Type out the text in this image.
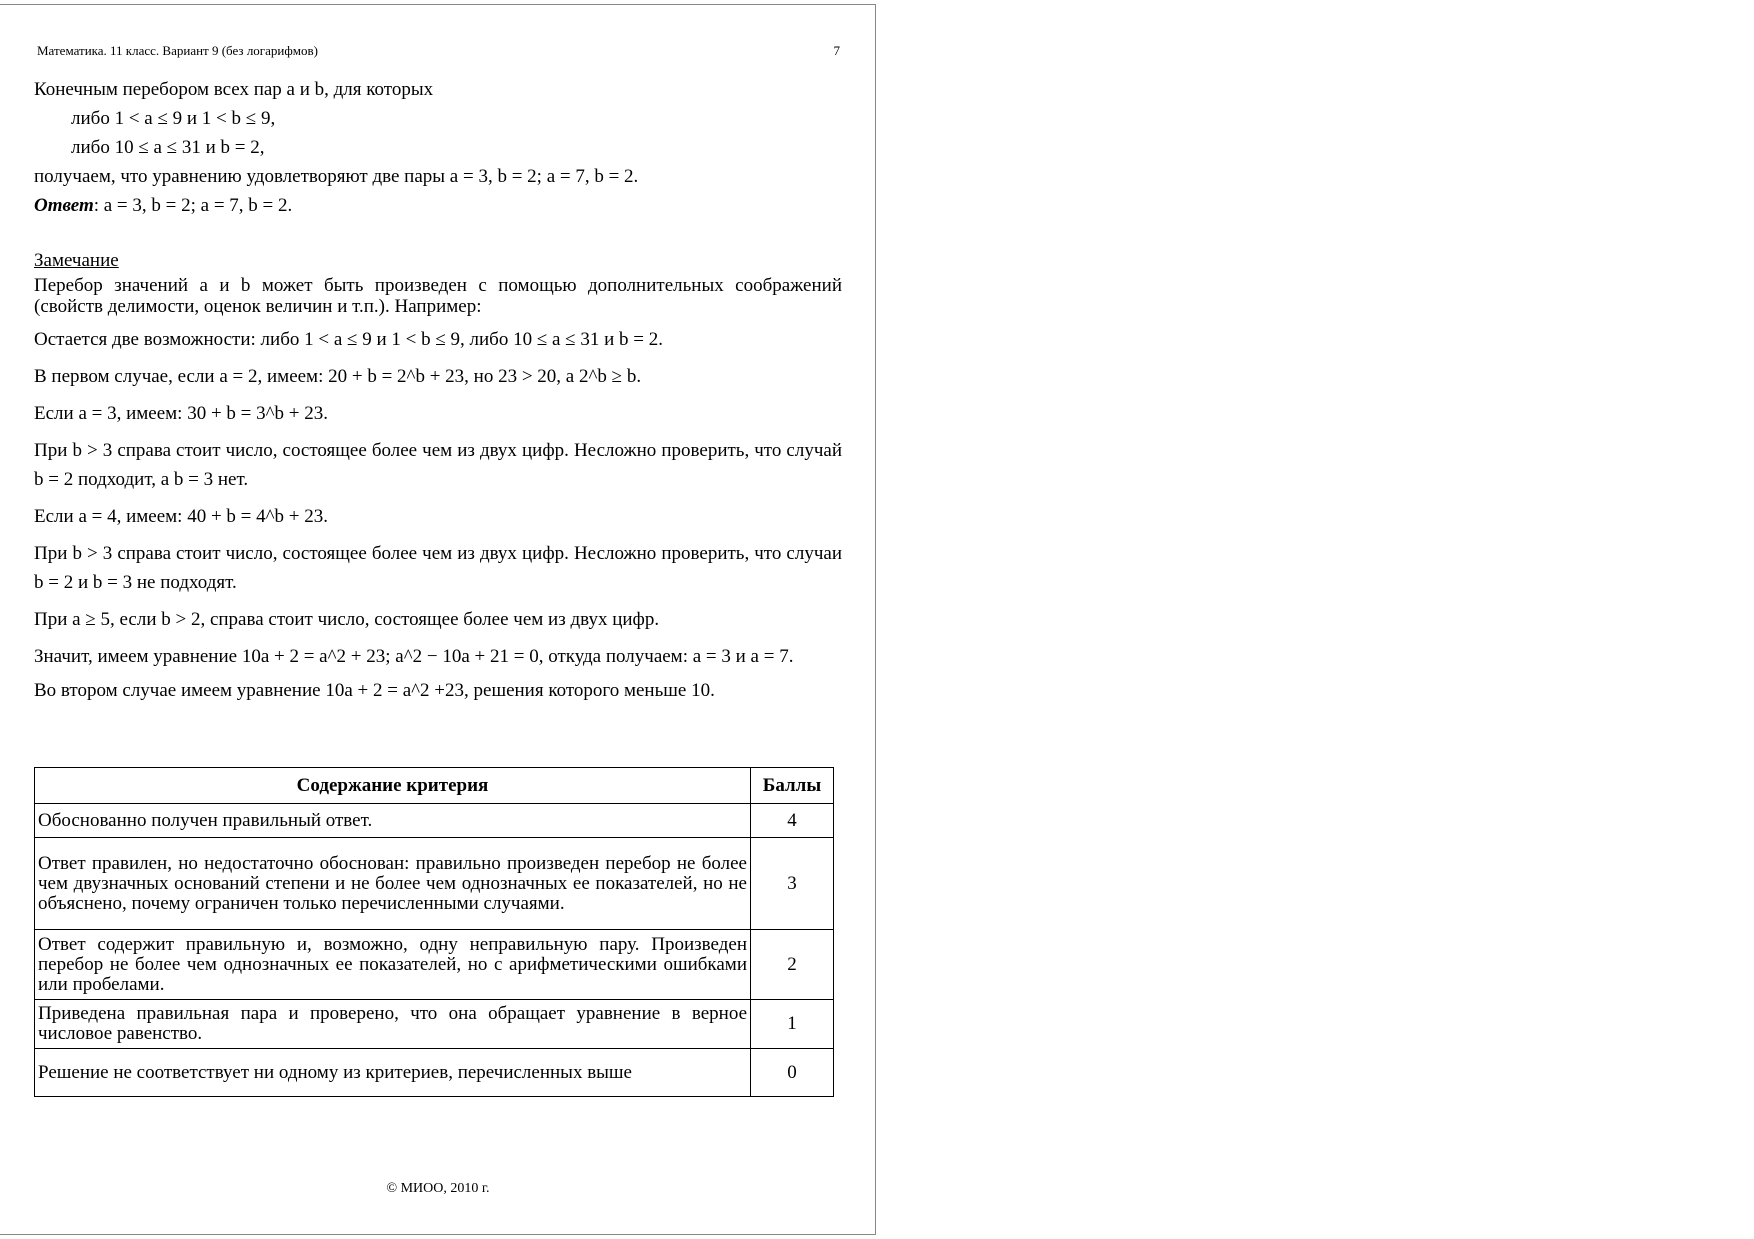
Математика. 11 класс. Вариант 9 (без логарифмов)	7

Конечным перебором всех пар a и b, для которых

либо 1 < a ≤ 9 и 1 < b ≤ 9,

либо 10 ≤ a ≤ 31 и b = 2,

получаем, что уравнению удовлетворяют две пары a = 3, b = 2; a = 7, b = 2.

Ответ: a = 3, b = 2; a = 7, b = 2.

Замечание

Перебор значений a и b может быть произведен с помощью дополнительных соображений (свойств делимости, оценок величин и т.п.). Например:

Остается две возможности: либо 1 < a ≤ 9 и 1 < b ≤ 9, либо 10 ≤ a ≤ 31 и b = 2.

В первом случае, если a = 2, имеем: 20 + b = 2^b + 23, но 23 > 20, а 2^b ≥ b.

Если a = 3, имеем: 30 + b = 3^b + 23.

При b > 3 справа стоит число, состоящее более чем из двух цифр. Несложно проверить, что случай b = 2 подходит, а b = 3 нет.

Если a = 4, имеем: 40 + b = 4^b + 23.

При b > 3 справа стоит число, состоящее более чем из двух цифр. Несложно проверить, что случаи b = 2 и b = 3 не подходят.

При a ≥ 5, если b > 2, справа стоит число, состоящее более чем из двух цифр.

Значит, имеем уравнение 10a + 2 = a^2 + 23; a^2 − 10a + 21 = 0, откуда получаем: a = 3 и a = 7.

Во втором случае имеем уравнение 10a + 2 = a^2 +23, решения которого меньше 10.

Содержание критерия	Баллы
Обоснованно получен правильный ответ.	4
Ответ правилен, но недостаточно обоснован: правильно произведен перебор не более чем двузначных оснований степени и не более чем однозначных ее показателей, но не объяснено, почему ограничен только перечисленными случаями.	3
Ответ содержит правильную и, возможно, одну неправильную пару. Произведен перебор не более чем однозначных ее показателей, но с арифметическими ошибками или пробелами.	2
Приведена правильная пара и проверено, что она обращает уравнение в верное числовое равенство.	1
Решение не соответствует ни одному из критериев, перечисленных выше	0
© МИОО, 2010 г.
